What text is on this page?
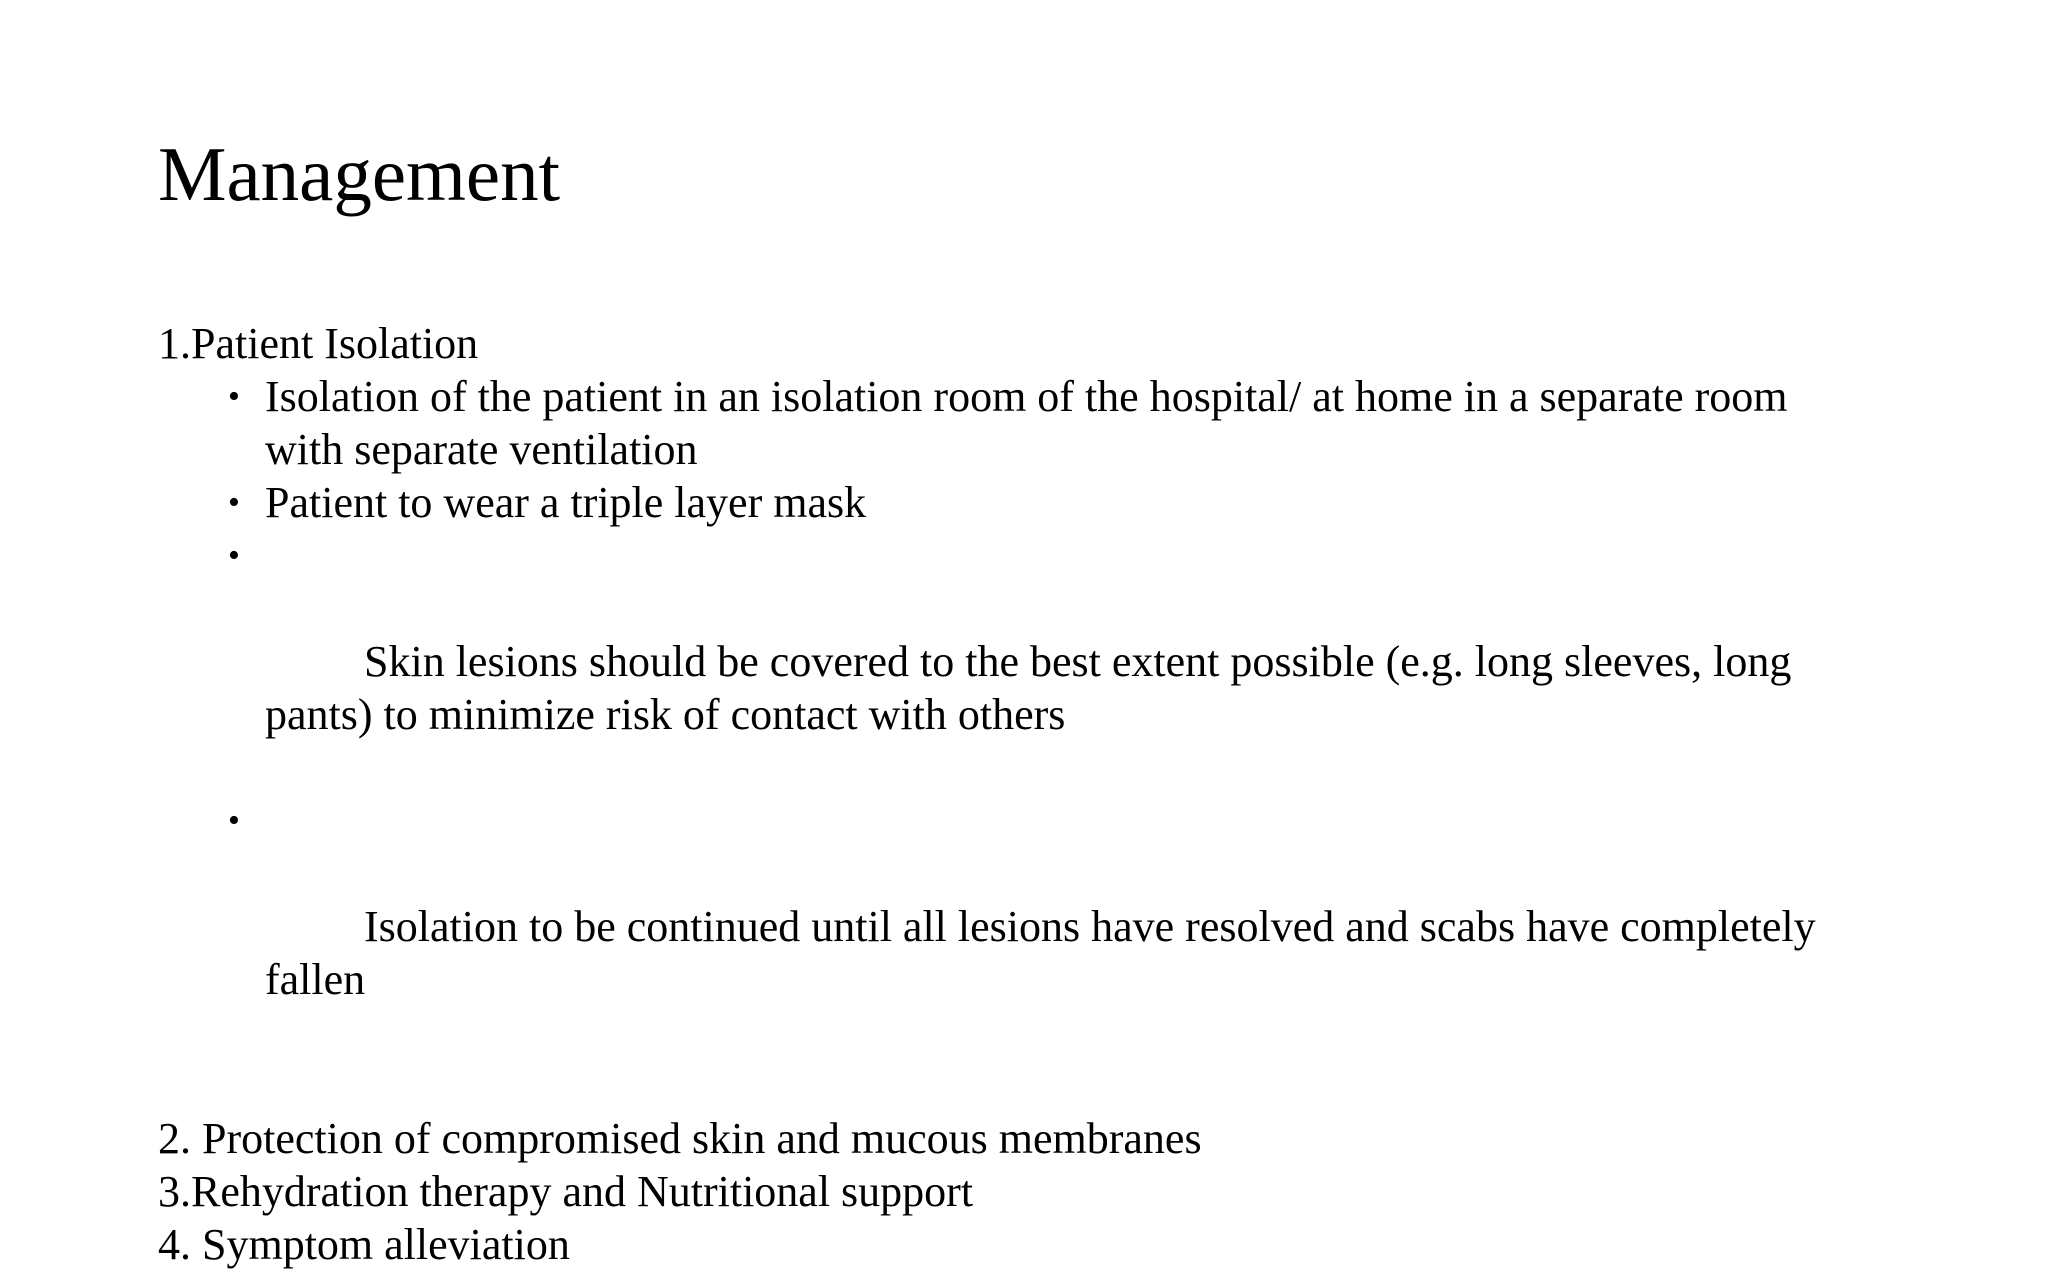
Management

1.Patient Isolation

• Isolation of the patient in an isolation room of the hospital/ at home in a separate room with separate ventilation
• Patient to wear a triple layer mask

•

Skin lesions should be covered to the best extent possible (e.g. long sleeves, long pants) to minimize risk of contact with others

•

Isolation to be continued until all lesions have resolved and scabs have completely fallen

2. Protection of compromised skin and mucous membranes

3.Rehydration therapy and Nutritional support

4. Symptom alleviation
